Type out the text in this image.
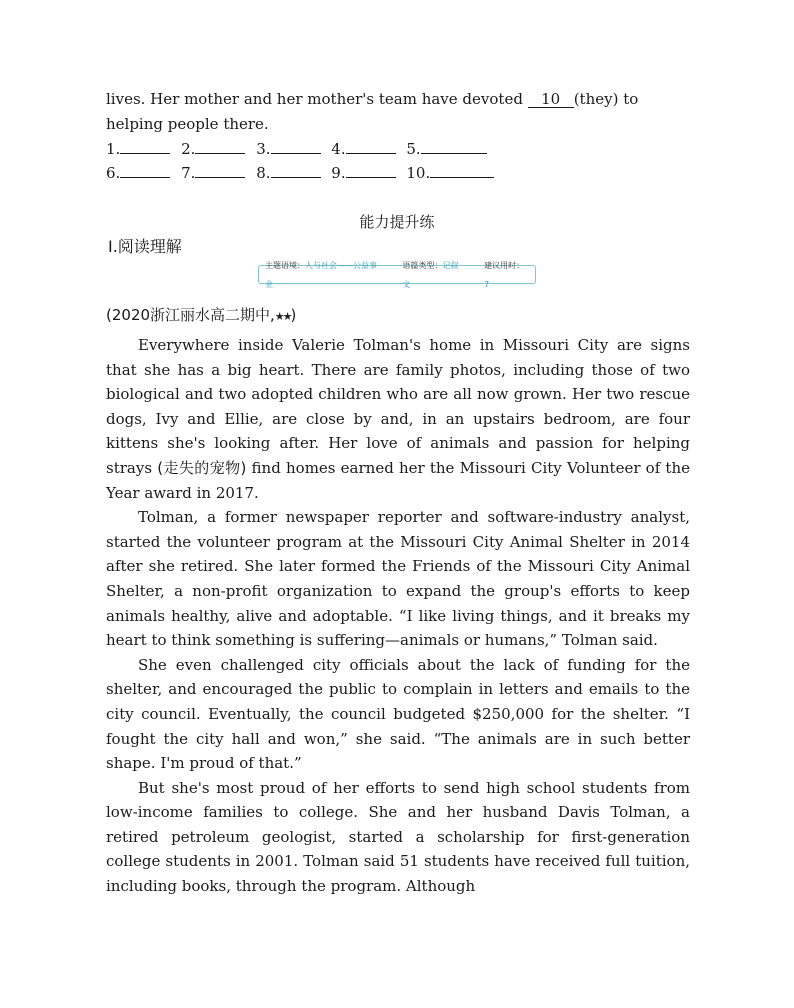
lives. Her mother and her mother's team have devoted 10 (they) to
helping people there.
1.	2.	3.	4.	5.
6.	7.	8.	9.	10.
能力提升练
Ⅰ.阅读理解
主题语境：人与社会——公益事业
语篇类型：记叙文
建议用时：7
(2020浙江丽水高二期中,★★)

Everywhere inside Valerie Tolman's home in Missouri City are signs that she has a big heart. There are family photos, including those of two biological and two adopted children who are all now grown. Her two rescue dogs, Ivy and Ellie, are close by and, in an upstairs bedroom, are four kittens she's looking after. Her love of animals and passion for helping strays (走失的宠物) find homes earned her the Missouri City Volunteer of the Year award in 2017.

Tolman, a former newspaper reporter and software-industry analyst, started the volunteer program at the Missouri City Animal Shelter in 2014 after she retired. She later formed the Friends of the Missouri City Animal Shelter, a non-profit organization to expand the group's efforts to keep animals healthy, alive and adoptable. “I like living things, and it breaks my heart to think something is suffering—animals or humans,” Tolman said.

She even challenged city officials about the lack of funding for the shelter, and encouraged the public to complain in letters and emails to the city council. Eventually, the council budgeted $250,000 for the shelter. “I fought the city hall and won,” she said. “The animals are in such better shape. I'm proud of that.”

But she's most proud of her efforts to send high school students from low-income families to college. She and her husband Davis Tolman, a retired petroleum geologist, started a scholarship for first-generation college students in 2001. Tolman said 51 students have received full tuition, including books, through the program. Although
